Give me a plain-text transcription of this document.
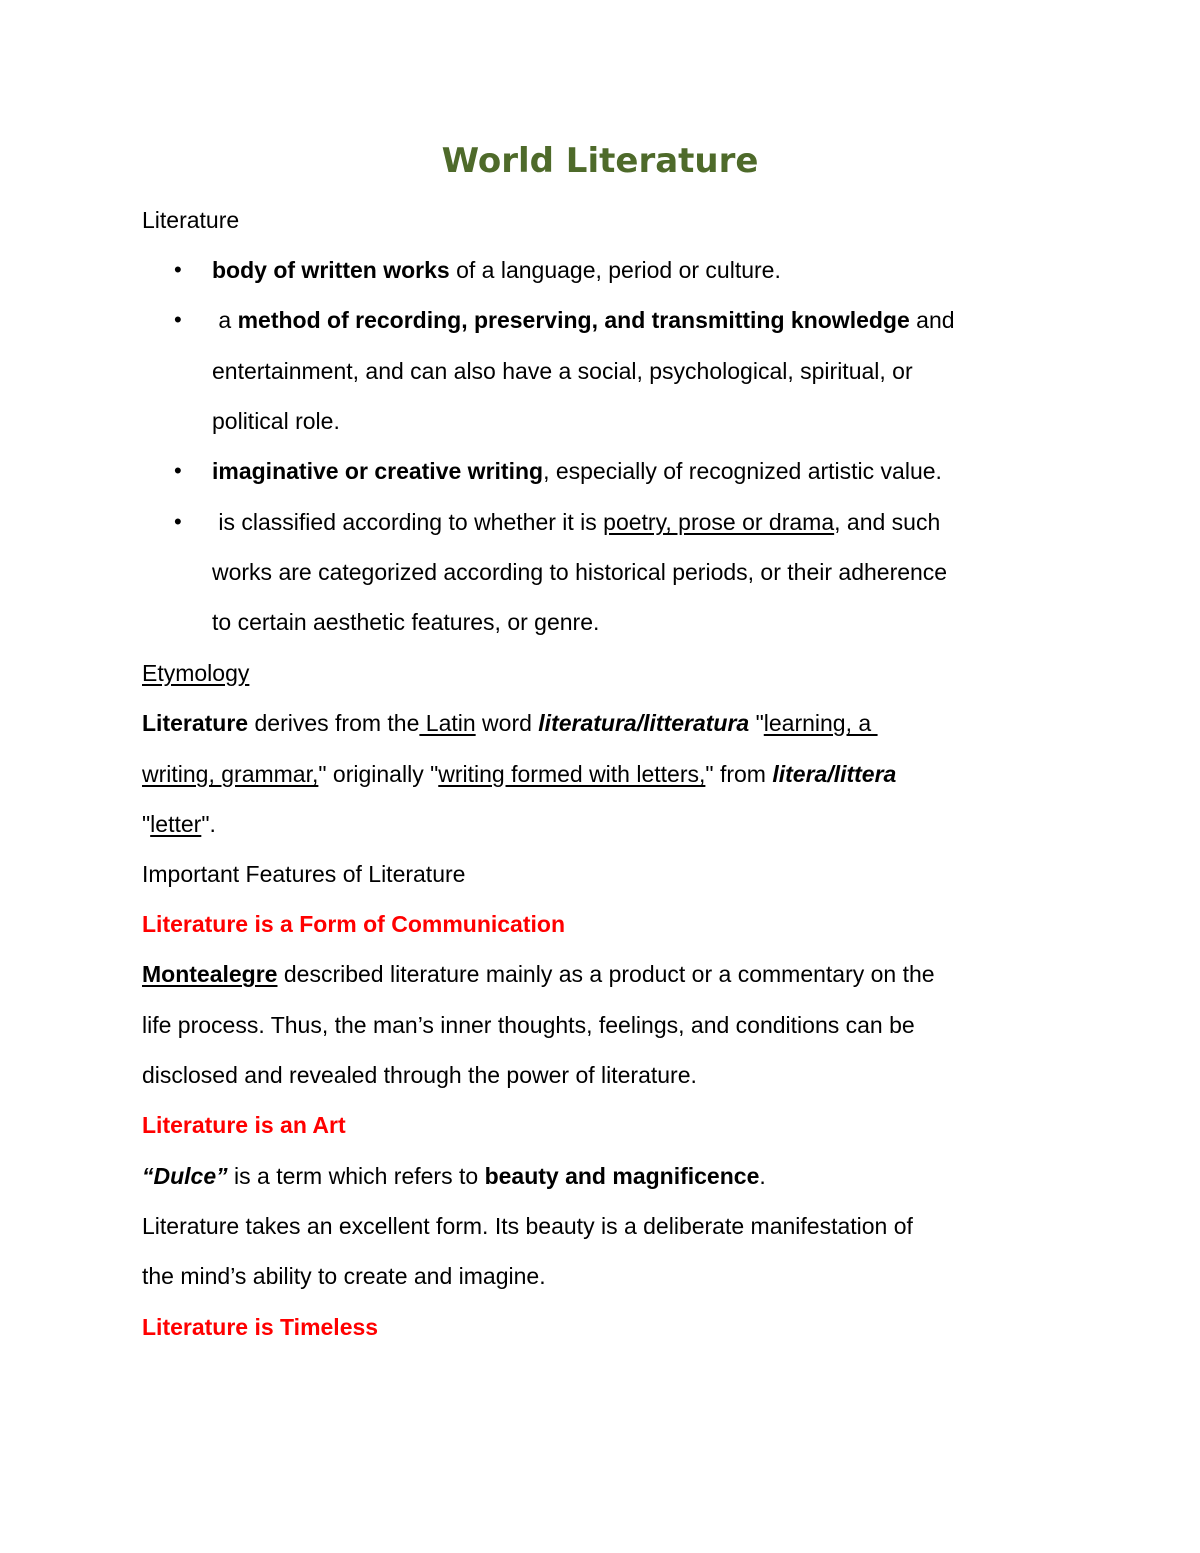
World Literature
Literature
• body of written works of a language, period or culture.
• a method of recording, preserving, and transmitting knowledge and
entertainment, and can also have a social, psychological, spiritual, or
political role.
• imaginative or creative writing, especially of recognized artistic value.
• is classified according to whether it is poetry, prose or drama, and such
works are categorized according to historical periods, or their adherence
to certain aesthetic features, or genre.
Etymology
Literature derives from the Latin word literatura/litteratura "learning, a
writing, grammar," originally "writing formed with letters," from litera/littera
"letter".
Important Features of Literature
Literature is a Form of Communication
Montealegre described literature mainly as a product or a commentary on the
life process. Thus, the man’s inner thoughts, feelings, and conditions can be
disclosed and revealed through the power of literature.
Literature is an Art
“Dulce” is a term which refers to beauty and magnificence.
Literature takes an excellent form. Its beauty is a deliberate manifestation of
the mind’s ability to create and imagine.
Literature is Timeless
